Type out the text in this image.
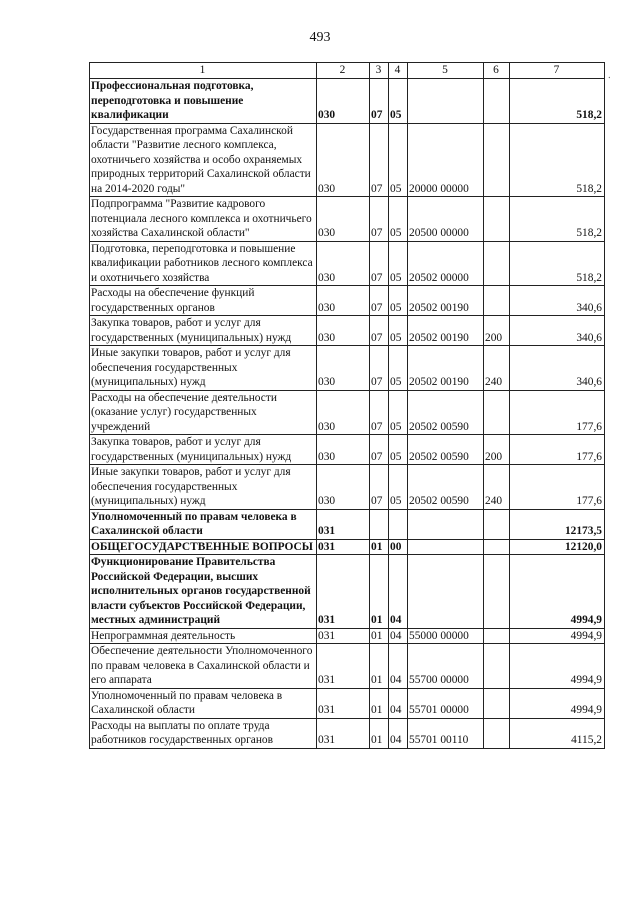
493
1	2	3	4	5	6	7
Профессиональная подготовка, переподготовка и повышение квалификации	030	07	05			518,2
Государственная программа Сахалинской области "Развитие лесного комплекса, охотничьего хозяйства и особо охраняемых природных территорий Сахалинской области на 2014-2020 годы"	030	07	05	20000 00000		518,2
Подпрограмма "Развитие кадрового потенциала лесного комплекса и охотничьего хозяйства Сахалинской области"	030	07	05	20500 00000		518,2
Подготовка, переподготовка и повышение квалификации работников лесного комплекса и охотничьего хозяйства	030	07	05	20502 00000		518,2
Расходы на обеспечение функций государственных органов	030	07	05	20502 00190		340,6
Закупка товаров, работ и услуг для государственных (муниципальных) нужд	030	07	05	20502 00190	200	340,6
Иные закупки товаров, работ и услуг для обеспечения государственных (муниципальных) нужд	030	07	05	20502 00190	240	340,6
Расходы на обеспечение деятельности (оказание услуг) государственных учреждений	030	07	05	20502 00590		177,6
Закупка товаров, работ и услуг для государственных (муниципальных) нужд	030	07	05	20502 00590	200	177,6
Иные закупки товаров, работ и услуг для обеспечения государственных (муниципальных) нужд	030	07	05	20502 00590	240	177,6
Уполномоченный по правам человека в Сахалинской области	031					12173,5
ОБЩЕГОСУДАРСТВЕННЫЕ ВОПРОСЫ	031	01	00			12120,0
Функционирование Правительства Российской Федерации, высших исполнительных органов государственной власти субъектов Российской Федерации, местных администраций	031	01	04			4994,9
Непрограммная деятельность	031	01	04	55000 00000		4994,9
Обеспечение деятельности Уполномоченного по правам человека в Сахалинской области и его аппарата	031	01	04	55700 00000		4994,9
Уполномоченный по правам человека в Сахалинской области	031	01	04	55701 00000		4994,9
Расходы на выплаты по оплате труда работников государственных органов	031	01	04	55701 00110		4115,2
⸱
